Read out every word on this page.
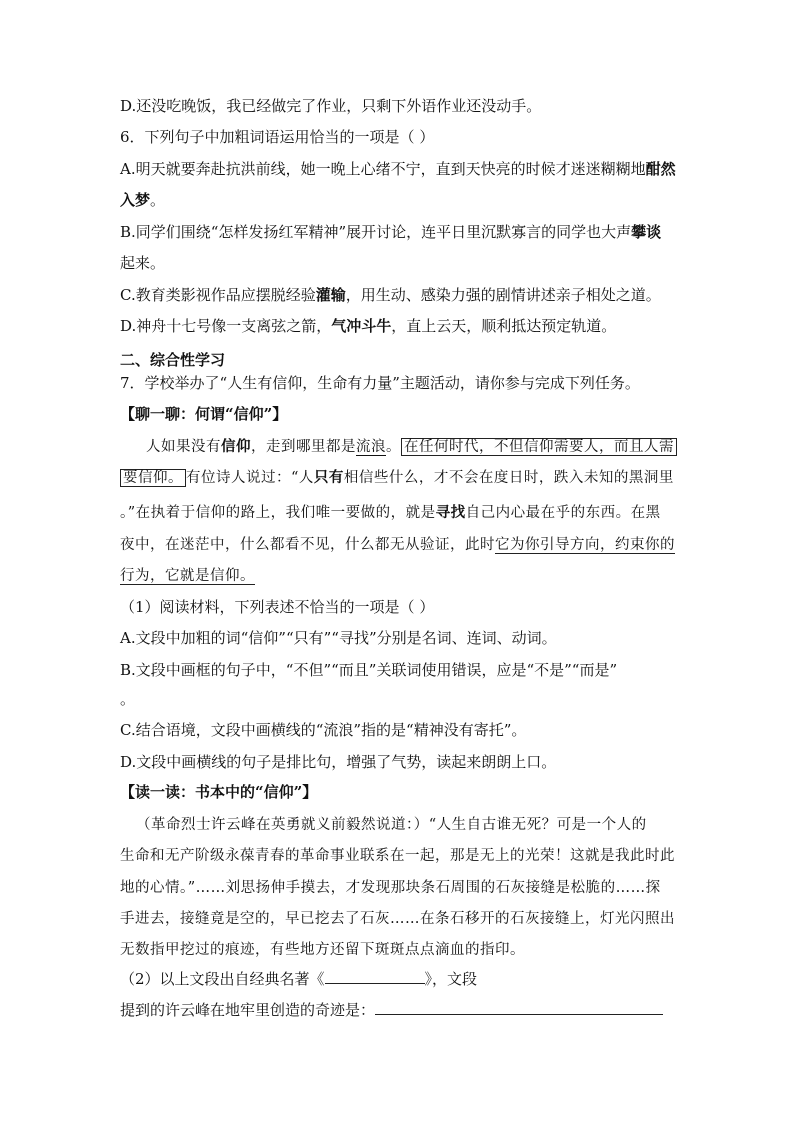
D.还没吃晚饭，我已经做完了作业，只剩下外语作业还没动手。
6．下列句子中加粗词语运用恰当的一项是（ ）
A.明天就要奔赴抗洪前线，她一晚上心绪不宁，直到天快亮的时候才迷迷糊糊地酣然
入梦。
B.同学们围绕“怎样发扬红军精神”展开讨论，连平日里沉默寡言的同学也大声攀谈
起来。
C.教育类影视作品应摆脱经验灌输，用生动、感染力强的剧情讲述亲子相处之道。
D.神舟十七号像一支离弦之箭，气冲斗牛，直上云天，顺利抵达预定轨道。
二、综合性学习
7．学校举办了“人生有信仰，生命有力量”主题活动，请你参与完成下列任务。
【聊一聊：何谓“信仰”】
人如果没有信仰，走到哪里都是流浪。 在任何时代，不但信仰需要人，而且人需
要信仰。 有位诗人说过：“人只有相信些什么，才不会在度日时，跌入未知的黑洞里
。”在执着于信仰的路上，我们唯一要做的，就是寻找自己内心最在乎的东西。在黑
夜中，在迷茫中，什么都看不见，什么都无从验证，此时它为你引导方向，约束你的
行为，它就是信仰。
（1）阅读材料，下列表述不恰当的一项是（ ）
A.文段中加粗的词“信仰”“只有”“寻找”分别是名词、连词、动词。
B.文段中画框的句子中，“不但”“而且”关联词使用错误，应是“不是”“而是”
。
C.结合语境，文段中画横线的“流浪”指的是“精神没有寄托”。
D.文段中画横线的句子是排比句，增强了气势，读起来朗朗上口。
【读一读：书本中的“信仰”】
（革命烈士许云峰在英勇就义前毅然说道：）“人生自古谁无死？可是一个人的
生命和无产阶级永葆青春的革命事业联系在一起，那是无上的光荣！这就是我此时此
地的心情。”……刘思扬伸手摸去，才发现那块条石周围的石灰接缝是松脆的……探
手进去，接缝竟是空的，早已挖去了石灰……在条石移开的石灰接缝上，灯光闪照出
无数指甲挖过的痕迹，有些地方还留下斑斑点点滴血的指印。
（2）以上文段出自经典名著《	》，文段
提到的许云峰在地牢里创造的奇迹是：
